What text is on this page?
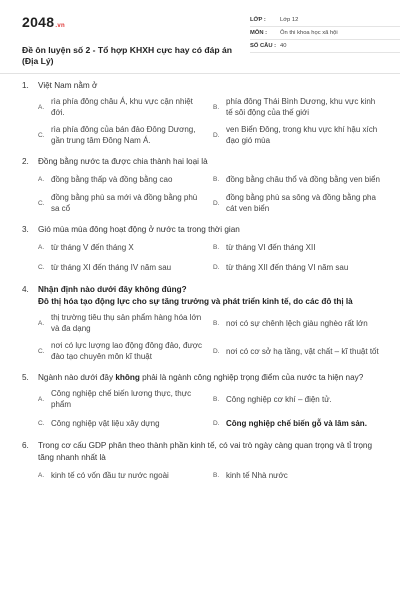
2048.vn
Đề ôn luyện số 2 - Tổ hợp KHXH cực hay có đáp án (Địa Lý)
LỚP :	Lớp 12
MÔN :	Ôn thi khoa học xã hội
SỐ CÂU : 40
1.	Việt Nam nằm ở
A.
rìa phía đông châu Á, khu vực cận nhiệt đới.
B.
phía đông Thái Bình Dương, khu vực kinh tế sôi động của thế giới
C.
rìa phía đông của bán đảo Đông Dương, gần trung tâm Đông Nam Á.
D.
ven Biển Đông, trong khu vực khí hậu xích đạo gió mùa
2.	Đồng bằng nước ta được chia thành hai loại là
A. đồng bằng thấp và đồng bằng cao	B. đồng bằng châu thổ và đồng bằng ven biển
C.
đồng bằng phù sa mới và đồng bằng phù sa cổ
D.
đồng bằng phù sa sông và đồng bằng pha cát ven biển
3.	Gió mùa mùa đông hoạt động ở nước ta trong thời gian
A. từ tháng V đến tháng X	B. từ tháng VI đến tháng XII
C. từ tháng XI đến tháng IV năm sau	D. từ tháng XII đến tháng VI năm sau
4.	Nhận định nào dưới đây không đúng?
Đô thị hóa tạo động lực cho sự tăng trưởng và phát triển kinh tế, do các đô thị là
A.
thị trường tiêu thụ sản phẩm hàng hóa lớn và đa dạng
B. nơi có sự chênh lệch giàu nghèo rất lớn
C.
nơi có lực lượng lao động đông đảo, được đào tạo chuyên môn kĩ thuật
D. nơi có cơ sở hạ tầng, vật chất – kĩ thuật tốt
5.	Ngành nào dưới đây không phải là ngành công nghiệp trọng điểm của nước ta hiện nay?
A.
Công nghiệp chế biến lương thực, thực phẩm
B. Công nghiệp cơ khí – điện tử.
C. Công nghiệp vật liệu xây dựng	D. Công nghiệp chế biến gỗ và lâm sản.
6.	Trong cơ cấu GDP phân theo thành phần kinh tế, có vai trò ngày càng quan trọng và tỉ trọng tăng nhanh nhất là
A. kinh tế có vốn đầu tư nước ngoài	B. kinh tế Nhà nước
